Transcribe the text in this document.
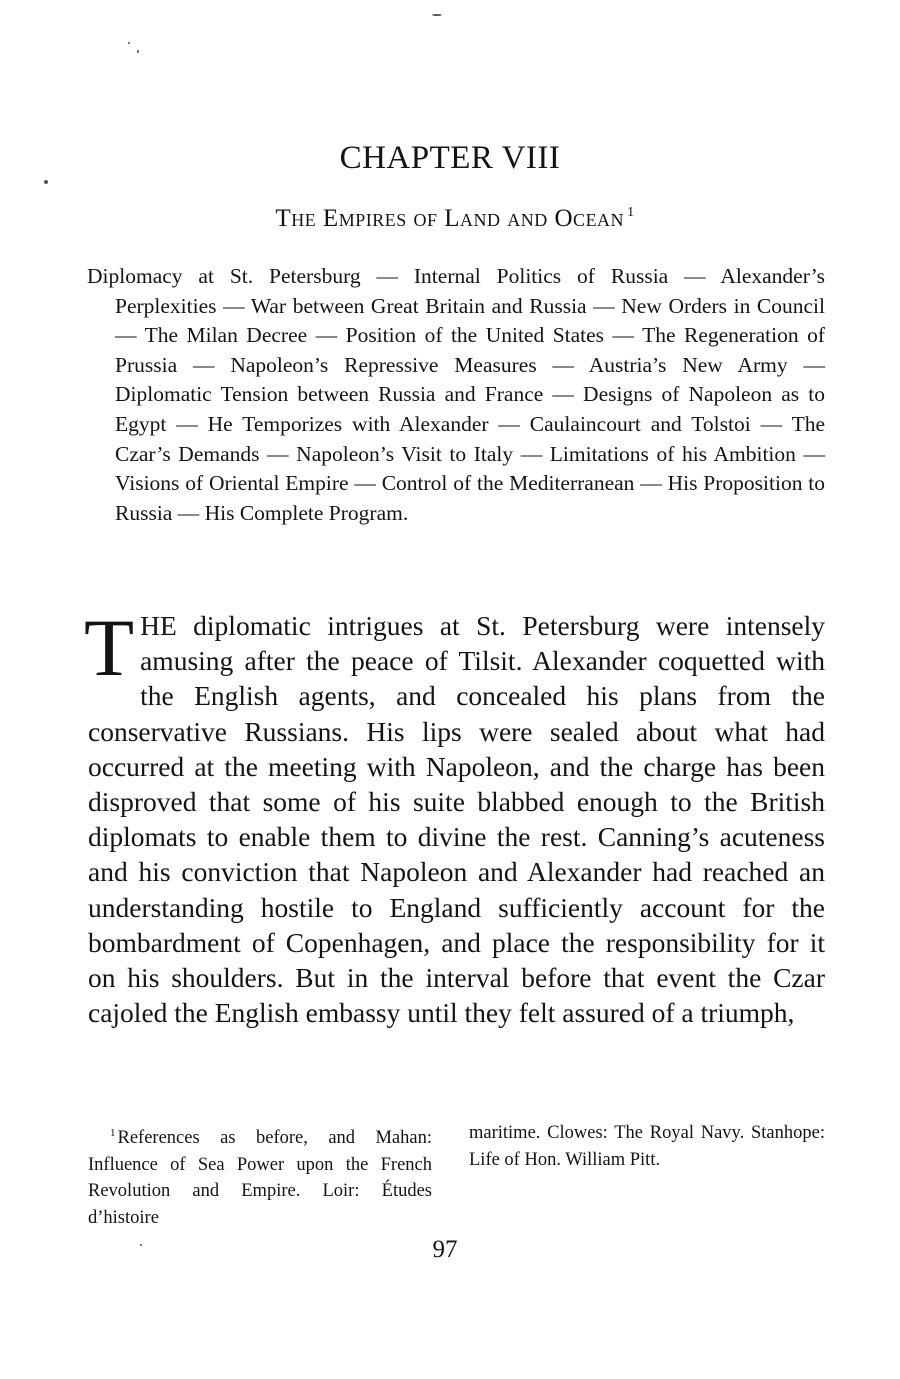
CHAPTER VIII
The Empires of Land and Ocean $^1$

Diplomacy at St. Petersburg — Internal Politics of Russia — Alexander’s Perplexities — War between Great Britain and Russia — New Orders in Council — The Milan Decree — Position of the United States — The Regeneration of Prussia — Napoleon’s Repressive Measures — Austria’s New Army — Diplomatic Tension between Russia and France — Designs of Napoleon as to Egypt — He Temporizes with Alexander — Caulaincourt and Tolstoi — The Czar’s Demands — Napoleon’s Visit to Italy — Limitations of his Ambition — Visions of Oriental Empire — Control of the Mediterranean — His Proposition to Russia — His Complete Program.

THE diplomatic intrigues at St. Petersburg were intensely amusing after the peace of Tilsit. Alexander coquetted with the English agents, and concealed his plans from the conservative Russians. His lips were sealed about what had occurred at the meeting with Napoleon, and the charge has been disproved that some of his suite blabbed enough to the British diplomats to enable them to divine the rest. Canning’s acuteness and his conviction that Napoleon and Alexander had reached an understanding hostile to England sufficiently account for the bombardment of Copenhagen, and place the responsibility for it on his shoulders. But in the interval before that event the Czar cajoled the English embassy until they felt assured of a triumph,

$^1$ References as before, and Mahan: Influence of Sea Power upon the French Revolution and Empire. Loir: Études d’histoire

maritime. Clowes: The Royal Navy. Stanhope: Life of Hon. William Pitt.

97
